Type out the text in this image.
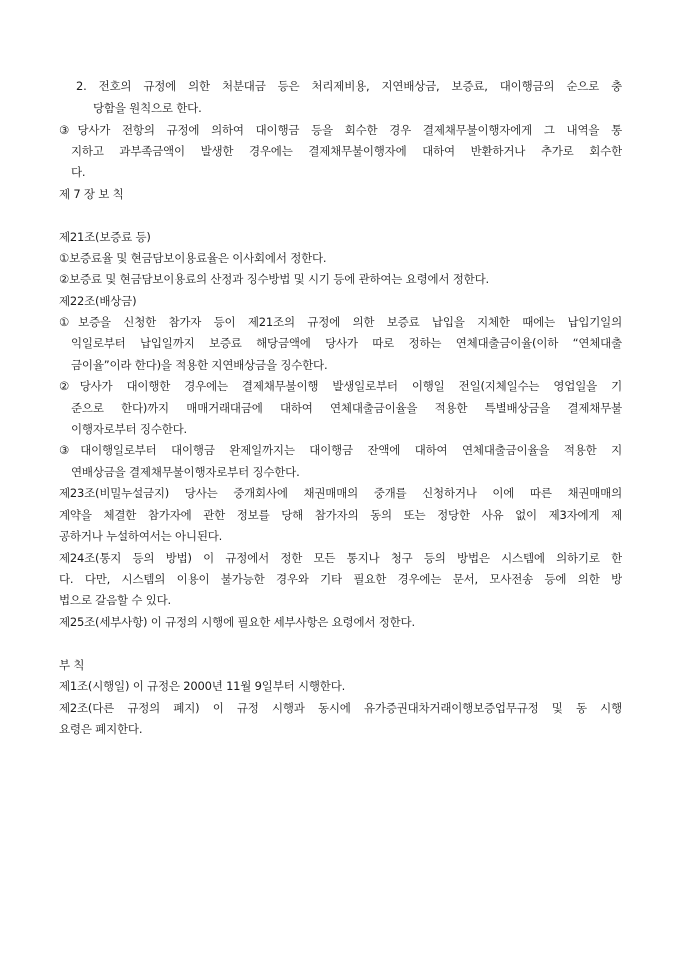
2. 전호의 규정에 의한 처분대금 등은 처리제비용, 지연배상금, 보증료, 대이행금의 순으로 충
당함을 원칙으로 한다.
③당사가 전항의 규정에 의하여 대이행금 등을 회수한 경우 결제채무불이행자에게 그 내역을 통
지하고 과부족금액이 발생한 경우에는 결제채무불이행자에 대하여 반환하거나 추가로 회수한
다.
제 7 장 보 칙
제21조(보증료 등)
①보증료율 및 현금담보이용료율은 이사회에서 정한다.
②보증료 및 현금담보이용료의 산정과 징수방법 및 시기 등에 관하여는 요령에서 정한다.
제22조(배상금)
①보증을 신청한 참가자 등이 제21조의 규정에 의한 보증료 납입을 지체한 때에는 납입기일의
익일로부터 납입일까지 보증료 해당금액에 당사가 따로 정하는 연체대출금이율(이하 “연체대출
금이율”이라 한다)을 적용한 지연배상금을 징수한다.
②당사가 대이행한 경우에는 결제채무불이행 발생일로부터 이행일 전일(지체일수는 영업일을 기
준으로 한다)까지 매매거래대금에 대하여 연체대출금이율을 적용한 특별배상금을 결제채무불
이행자로부터 징수한다.
③대이행일로부터 대이행금 완제일까지는 대이행금 잔액에 대하여 연체대출금이율을 적용한 지
연배상금을 결제채무불이행자로부터 징수한다.
제23조(비밀누설금지) 당사는 중개회사에 채권매매의 중개를 신청하거나 이에 따른 채권매매의
계약을 체결한 참가자에 관한 정보를 당해 참가자의 동의 또는 정당한 사유 없이 제3자에게 제
공하거나 누설하여서는 아니된다.
제24조(통지 등의 방법) 이 규정에서 정한 모든 통지나 청구 등의 방법은 시스템에 의하기로 한
다. 다만, 시스템의 이용이 불가능한 경우와 기타 필요한 경우에는 문서, 모사전송 등에 의한 방
법으로 갈음할 수 있다.
제25조(세부사항) 이 규정의 시행에 필요한 세부사항은 요령에서 정한다.
부 칙
제1조(시행일) 이 규정은 2000년 11월 9일부터 시행한다.
제2조(다른 규정의 폐지) 이 규정 시행과 동시에 유가증권대차거래이행보증업무규정 및 동 시행
요령은 폐지한다.
